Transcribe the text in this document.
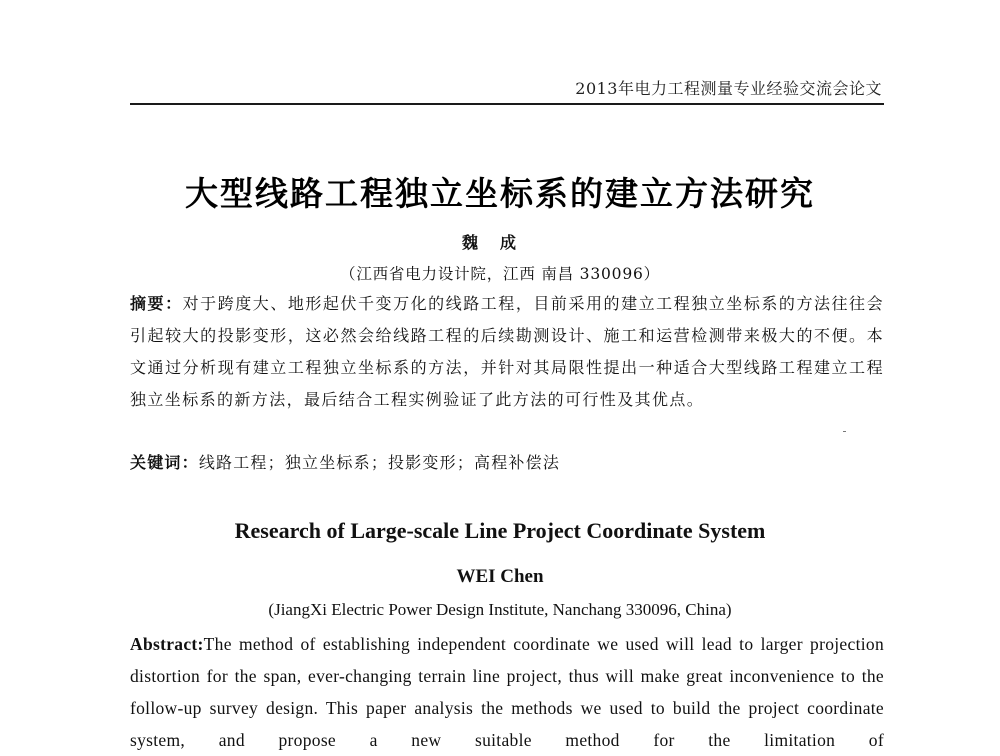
2013年电力工程测量专业经验交流会论文
大型线路工程独立坐标系的建立方法研究
魏成
（江西省电力设计院，江西 南昌 330096）
摘要：对于跨度大、地形起伏千变万化的线路工程，目前采用的建立工程独立坐标系的方法往往会引起较大的投影变形，这必然会给线路工程的后续勘测设计、施工和运营检测带来极大的不便。本文通过分析现有建立工程独立坐标系的方法，并针对其局限性提出一种适合大型线路工程建立工程独立坐标系的新方法，最后结合工程实例验证了此方法的可行性及其优点。
关键词：线路工程；独立坐标系；投影变形；高程补偿法
Research of Large-scale Line Project Coordinate System
WEI Chen
(JiangXi Electric Power Design Institute, Nanchang 330096, China)
Abstract:The method of establishing independent coordinate we used will lead to larger projection distortion for the span, ever-changing terrain line project, thus will make great inconvenience to the follow-up survey design. This paper analysis the methods we used to build the project coordinate system, and propose a new suitable method for the limitation of
